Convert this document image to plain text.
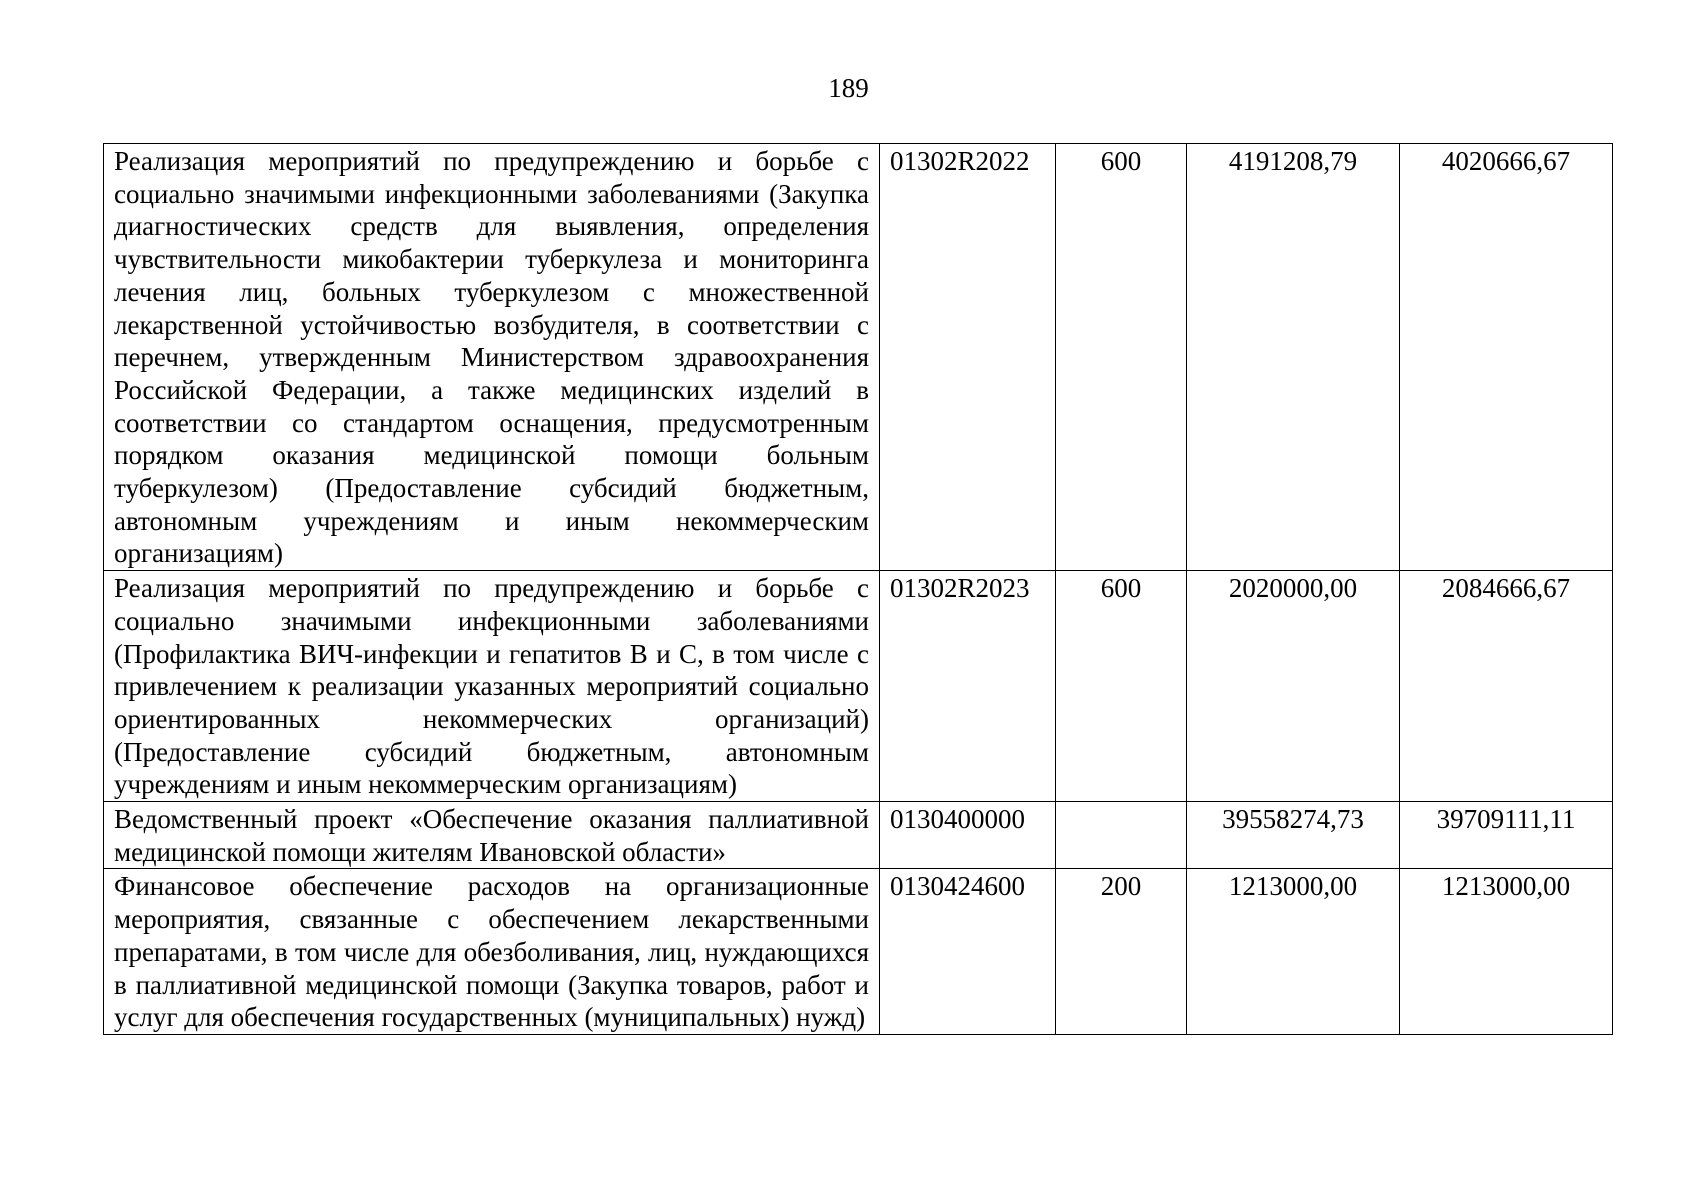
189
Реализация мероприятий по предупреждению и борьбе с социально значимыми инфекционными заболеваниями (Закупка диагностических средств для выявления, определения чувствительности микобактерии туберкулеза и мониторинга лечения лиц, больных туберкулезом с множественной лекарственной устойчивостью возбудителя, в соответствии с перечнем, утвержденным Министерством здравоохранения Российской Федерации, а также медицинских изделий в соответствии со стандартом оснащения, предусмотренным порядком оказания медицинской помощи больным туберкулезом) (Предоставление субсидий бюджетным, автономным учреждениям и иным некоммерческим организациям)	01302R2022	600	4191208,79	4020666,67
Реализация мероприятий по предупреждению и борьбе с социально значимыми инфекционными заболеваниями (Профилактика ВИЧ-инфекции и гепатитов В и С, в том числе с привлечением к реализации указанных мероприятий социально ориентированных некоммерческих организаций) (Предоставление субсидий бюджетным, автономным учреждениям и иным некоммерческим организациям)	01302R2023	600	2020000,00	2084666,67
Ведомственный проект «Обеспечение оказания паллиативной медицинской помощи жителям Ивановской области»	0130400000		39558274,73	39709111,11
Финансовое обеспечение расходов на организационные мероприятия, связанные с обеспечением лекарственными препаратами, в том числе для обезболивания, лиц, нуждающихся в паллиативной медицинской помощи (Закупка товаров, работ и услуг для обеспечения государственных (муниципальных) нужд)	0130424600	200	1213000,00	1213000,00
